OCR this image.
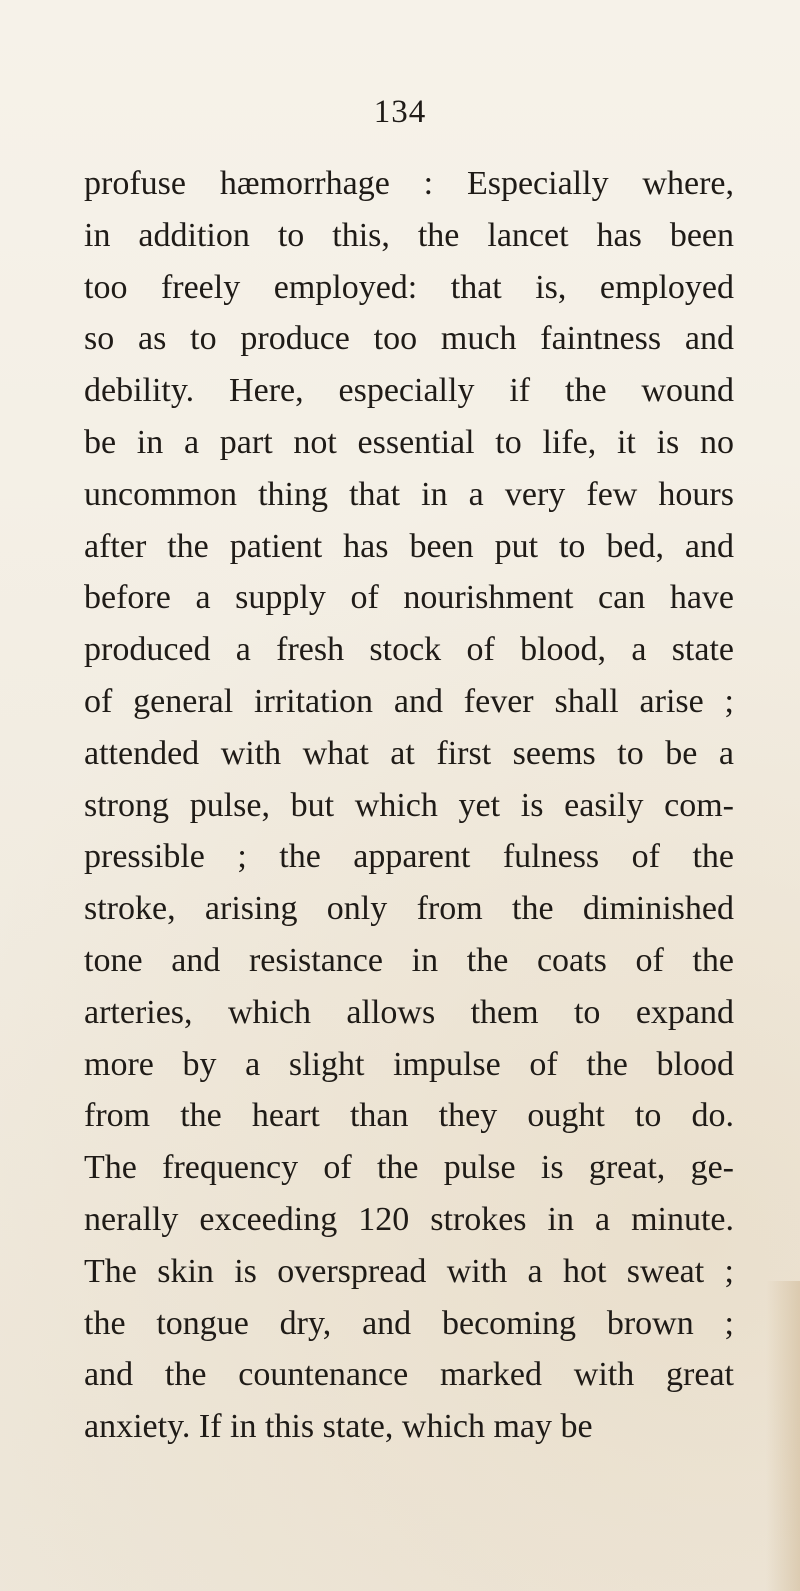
134
profuse hæmorrhage : Especially where,
in addition to this, the lancet has been
too freely employed: that is, employed
so as to produce too much faintness and
debility. Here, especially if the wound
be in a part not essential to life, it is no
uncommon thing that in a very few hours
after the patient has been put to bed, and
before a supply of nourishment can have
produced a fresh stock of blood, a state
of general irritation and fever shall arise ;
attended with what at first seems to be a
strong pulse, but which yet is easily com-
pressible ; the apparent fulness of the
stroke, arising only from the diminished
tone and resistance in the coats of the
arteries, which allows them to expand
more by a slight impulse of the blood
from the heart than they ought to do.
The frequency of the pulse is great, ge-
nerally exceeding 120 strokes in a minute.
The skin is overspread with a hot sweat ;
the tongue dry, and becoming brown ;
and the countenance marked with great
anxiety. If in this state, which may be
